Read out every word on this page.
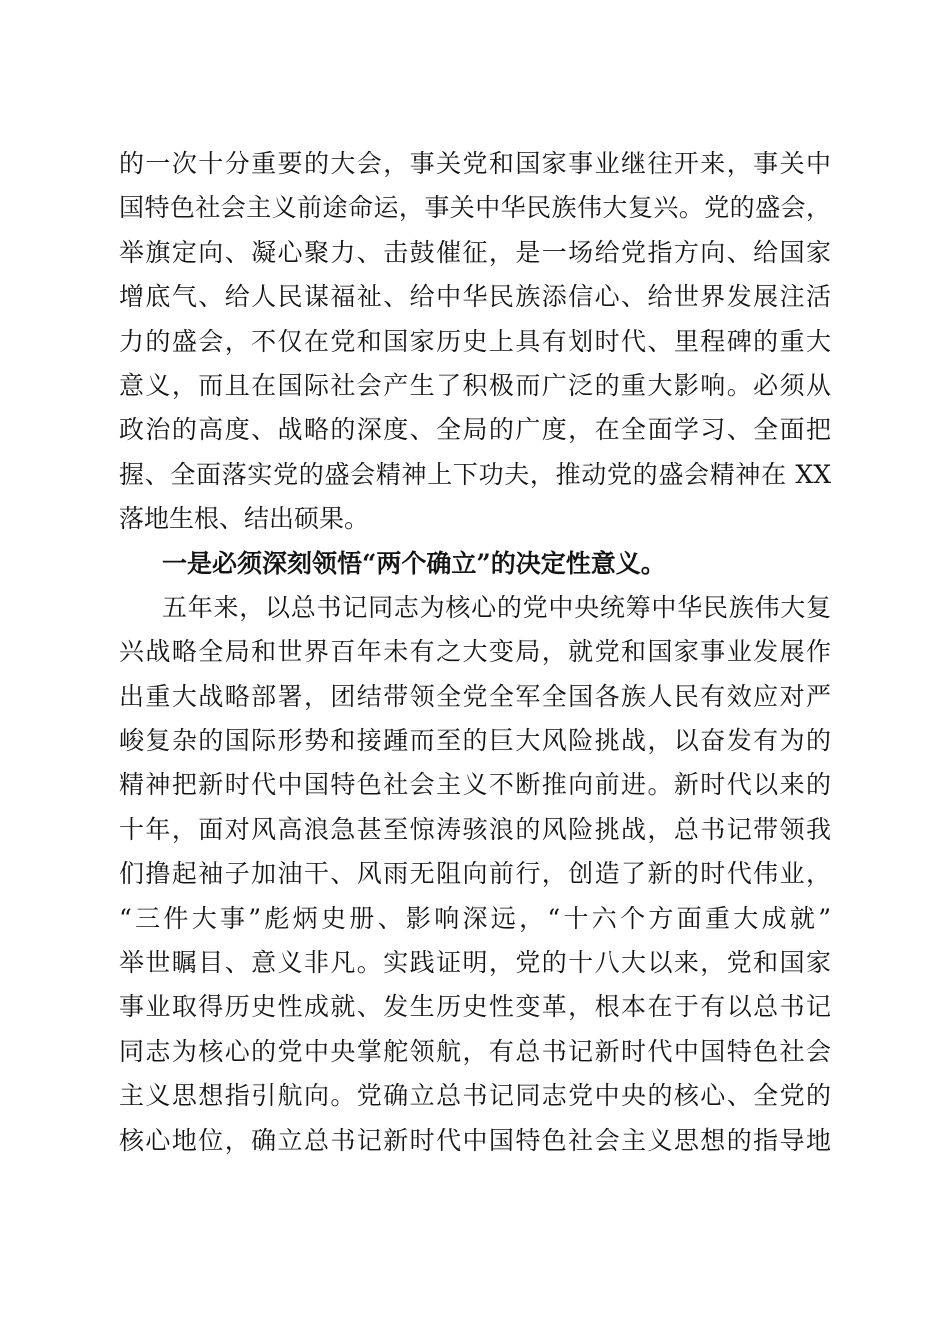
的一次十分重要的大会，事关党和国家事业继往开来，事关中
国特色社会主义前途命运，事关中华民族伟大复兴。党的盛会，
举旗定向、凝心聚力、击鼓催征，是一场给党指方向、给国家
增底气、给人民谋福祉、给中华民族添信心、给世界发展注活
力的盛会，不仅在党和国家历史上具有划时代、里程碑的重大
意义，而且在国际社会产生了积极而广泛的重大影响。必须从
政治的高度、战略的深度、全局的广度，在全面学习、全面把
握、全面落实党的盛会精神上下功夫，推动党的盛会精神在 XX
落地生根、结出硕果。
一是必须深刻领悟“两个确立”的决定性意义。
五年来，以总书记同志为核心的党中央统筹中华民族伟大复
兴战略全局和世界百年未有之大变局，就党和国家事业发展作
出重大战略部署，团结带领全党全军全国各族人民有效应对严
峻复杂的国际形势和接踵而至的巨大风险挑战，以奋发有为的
精神把新时代中国特色社会主义不断推向前进。新时代以来的
十年，面对风高浪急甚至惊涛骇浪的风险挑战，总书记带领我
们撸起袖子加油干、风雨无阻向前行，创造了新的时代伟业，
“三件大事”彪炳史册、影响深远，“十六个方面重大成就”
举世瞩目、意义非凡。实践证明，党的十八大以来，党和国家
事业取得历史性成就、发生历史性变革，根本在于有以总书记
同志为核心的党中央掌舵领航，有总书记新时代中国特色社会
主义思想指引航向。党确立总书记同志党中央的核心、全党的
核心地位，确立总书记新时代中国特色社会主义思想的指导地
